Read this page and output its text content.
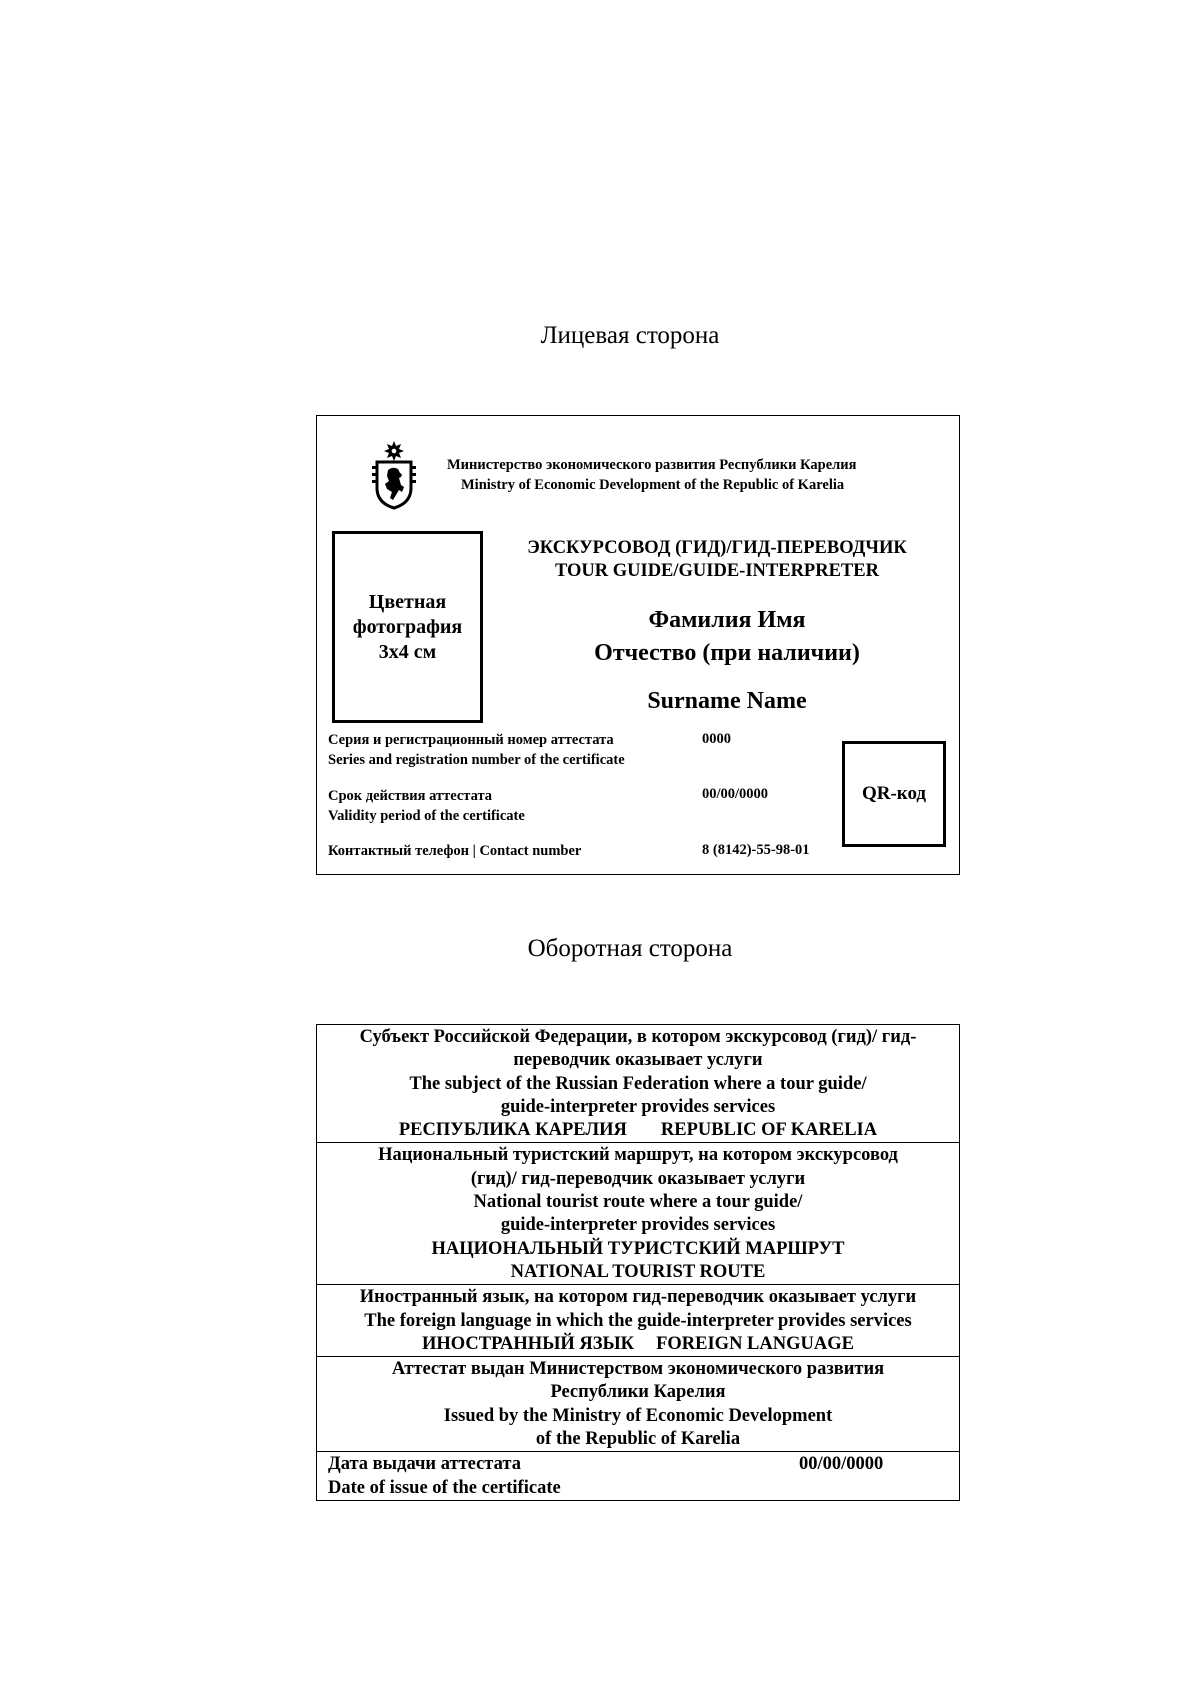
Лицевая сторона
Министерство экономического развития Республики Карелия
Ministry of Economic Development of the Republic of Karelia
Цветная
фотография
3x4 см
ЭКСКУРСОВОД (ГИД)/ГИД-ПЕРЕВОДЧИК
TOUR GUIDE/GUIDE-INTERPRETER
Фамилия Имя
Отчество (при наличии)
Surname Name
Серия и регистрационный номер аттестата
Series and registration number of the certificate
0000
Срок действия аттестата
Validity period of the certificate
00/00/0000
Контактный телефон | Contact number	8 (8142)-55-98-01
QR-код
Оборотная сторона
Субъект Российской Федерации, в котором экскурсовод (гид)/ гид-
переводчик оказывает услуги
The subject of the Russian Federation where a tour guide/
guide-interpreter provides services
РЕСПУБЛИКА КАРЕЛИЯ REPUBLIC OF KARELIA
Национальный туристский маршрут, на котором экскурсовод
(гид)/ гид-переводчик оказывает услуги
National tourist route where a tour guide/
guide-interpreter provides services
НАЦИОНАЛЬНЫЙ ТУРИСТСКИЙ МАРШРУТ
NATIONAL TOURIST ROUTE
Иностранный язык, на котором гид-переводчик оказывает услуги
The foreign language in which the guide-interpreter provides services
ИНОСТРАННЫЙ ЯЗЫК FOREIGN LANGUAGE
Аттестат выдан Министерством экономического развития
Республики Карелия
Issued by the Ministry of Economic Development
of the Republic of Karelia
Дата выдачи аттестата
Date of issue of the certificate
00/00/0000
